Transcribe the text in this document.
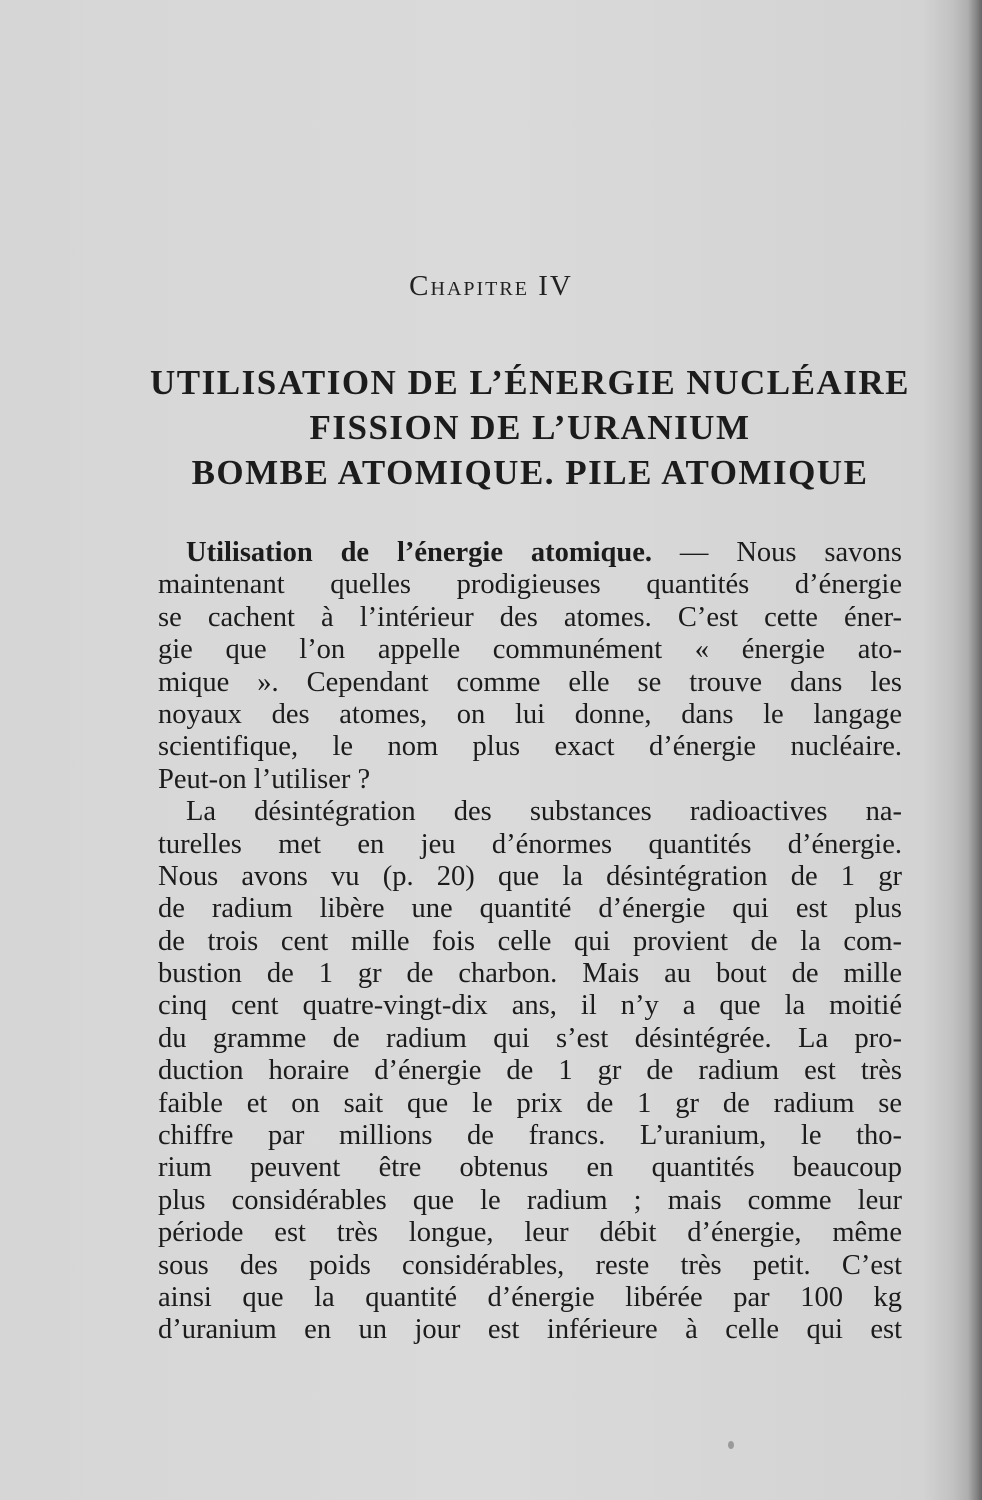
Chapitre IV
UTILISATION DE L’ÉNERGIE NUCLÉAIRE
FISSION DE L’URANIUM
BOMBE ATOMIQUE. PILE ATOMIQUE
Utilisation de l’énergie atomique. — Nous savons
maintenant quelles prodigieuses quantités d’énergie
se cachent à l’intérieur des atomes. C’est cette éner-
gie que l’on appelle communément « énergie ato-
mique ». Cependant comme elle se trouve dans les
noyaux des atomes, on lui donne, dans le langage
scientifique, le nom plus exact d’énergie nucléaire.
Peut-on l’utiliser ?
La désintégration des substances radioactives na-
turelles met en jeu d’énormes quantités d’énergie.
Nous avons vu (p. 20) que la désintégration de 1 gr
de radium libère une quantité d’énergie qui est plus
de trois cent mille fois celle qui provient de la com-
bustion de 1 gr de charbon. Mais au bout de mille
cinq cent quatre-vingt-dix ans, il n’y a que la moitié
du gramme de radium qui s’est désintégrée. La pro-
duction horaire d’énergie de 1 gr de radium est très
faible et on sait que le prix de 1 gr de radium se
chiffre par millions de francs. L’uranium, le tho-
rium peuvent être obtenus en quantités beaucoup
plus considérables que le radium ; mais comme leur
période est très longue, leur débit d’énergie, même
sous des poids considérables, reste très petit. C’est
ainsi que la quantité d’énergie libérée par 100 kg
d’uranium en un jour est inférieure à celle qui est
